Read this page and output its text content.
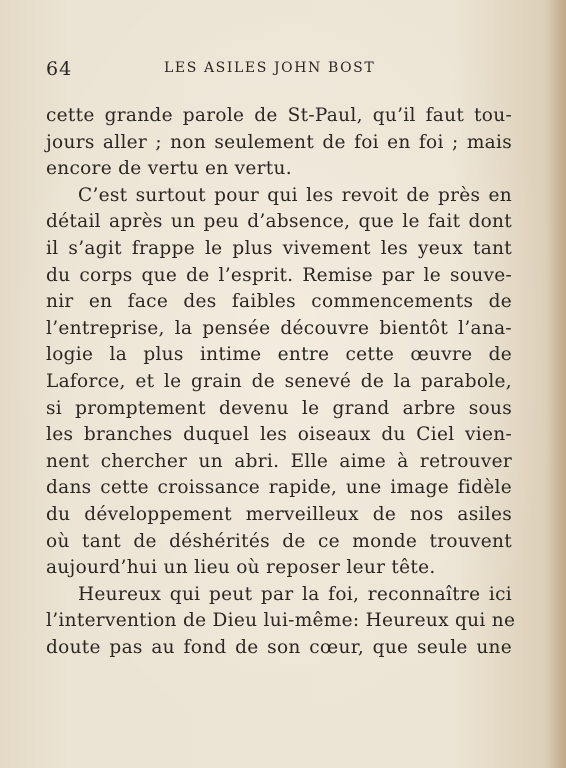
64	LES ASILES JOHN BOST
cette grande parole de St-Paul, qu’il faut tou-
jours aller ; non seulement de foi en foi ; mais
encore de vertu en vertu.
C’est surtout pour qui les revoit de près en
détail après un peu d’absence, que le fait dont
il s’agit frappe le plus vivement les yeux tant
du corps que de l’esprit. Remise par le souve-
nir en face des faibles commencements de
l’entreprise, la pensée découvre bientôt l’ana-
logie la plus intime entre cette œuvre de
Laforce, et le grain de senevé de la parabole,
si promptement devenu le grand arbre sous
les branches duquel les oiseaux du Ciel vien-
nent chercher un abri. Elle aime à retrouver
dans cette croissance rapide, une image fidèle
du développement merveilleux de nos asiles
où tant de déshérités de ce monde trouvent
aujourd’hui un lieu où reposer leur tête.
Heureux qui peut par la foi, reconnaître ici
l’intervention de Dieu lui-même: Heureux qui ne
doute pas au fond de son cœur, que seule une
